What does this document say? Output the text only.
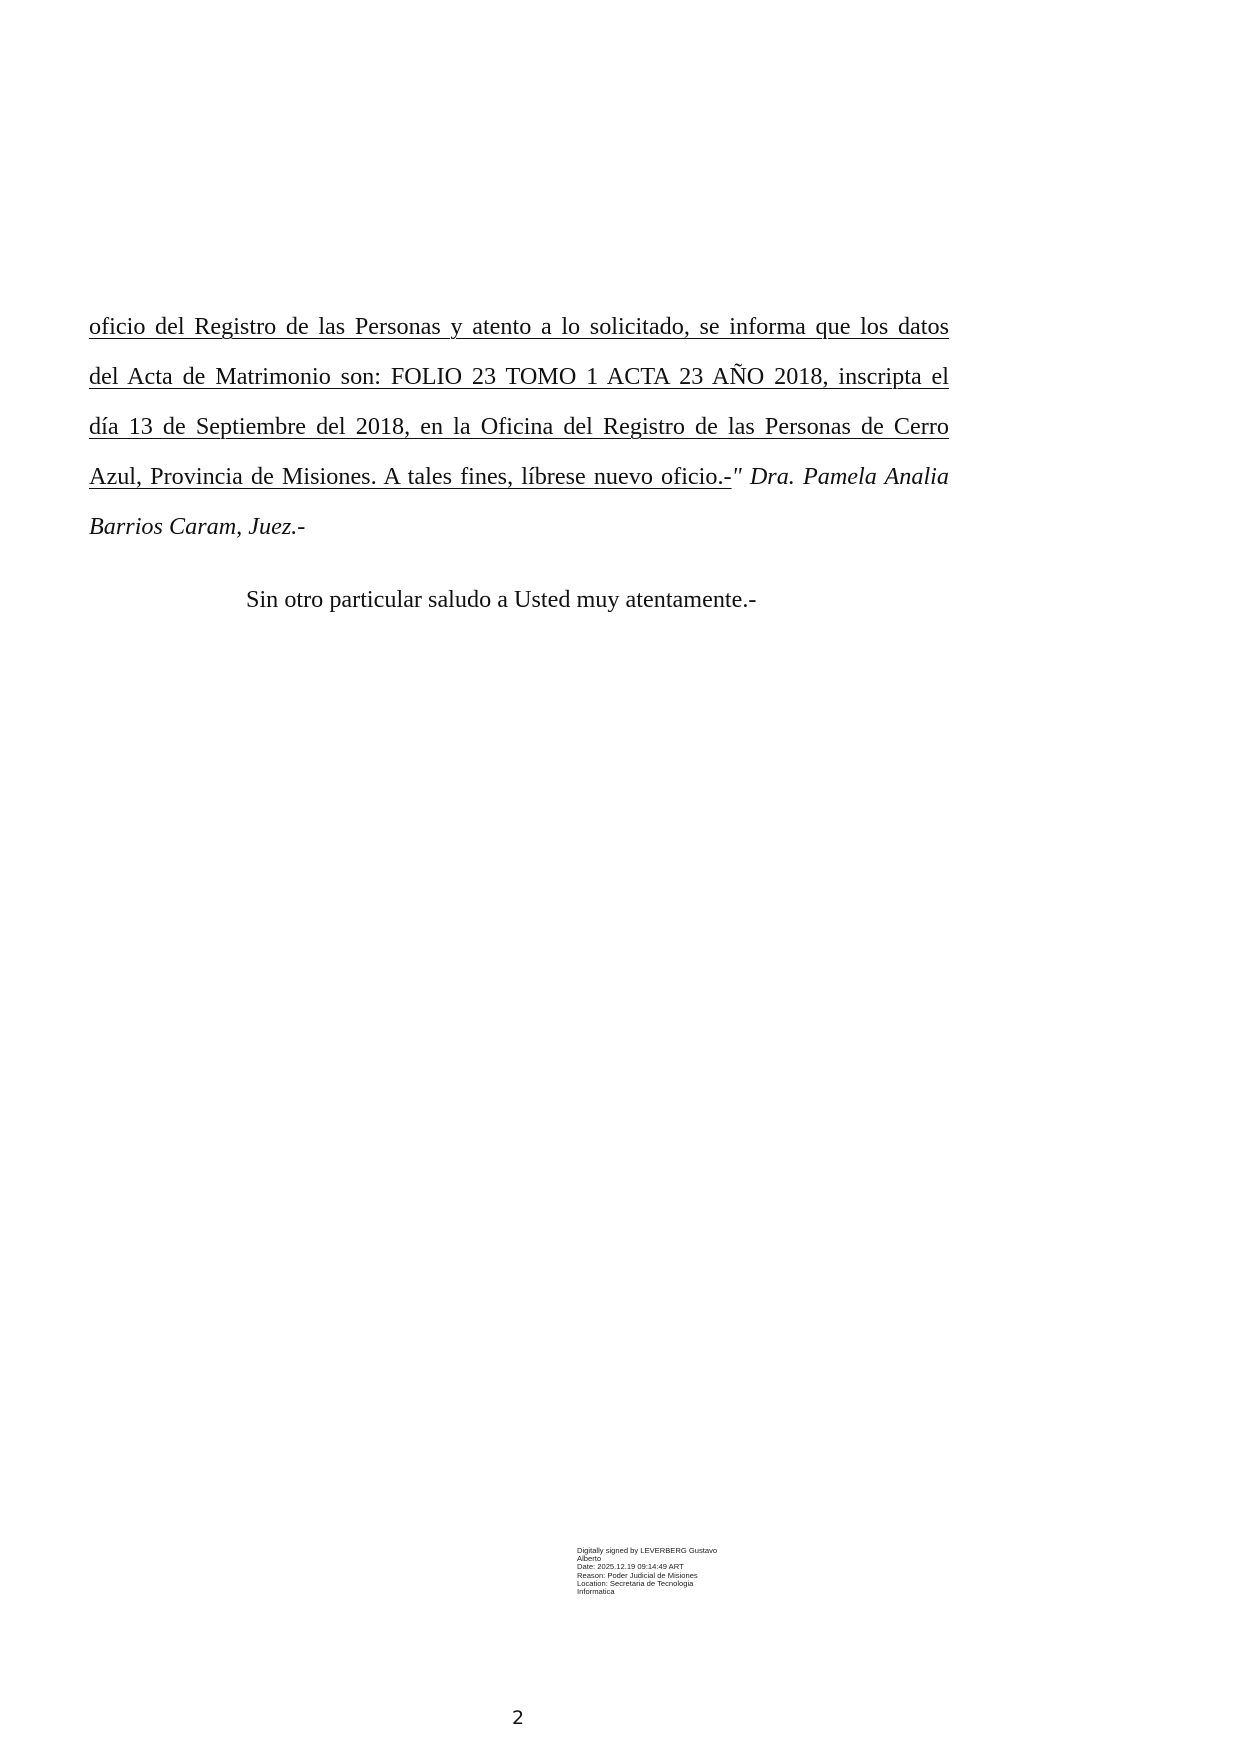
oficio del Registro de las Personas y atento a lo solicitado, se informa que los datos
del Acta de Matrimonio son: FOLIO 23 TOMO 1 ACTA 23 AÑO 2018, inscripta el
día 13 de Septiembre del 2018, en la Oficina del Registro de las Personas de Cerro
Azul, Provincia de Misiones. A tales fines, líbrese nuevo oficio.-" Dra. Pamela Analia
Barrios Caram, Juez.-
Sin otro particular saludo a Usted muy atentamente.-
Digitally signed by LEVERBERG Gustavo
Alberto
Date: 2025.12.19 09:14:49 ART
Reason: Poder Judicial de Misiones
Location: Secretaria de Tecnologia
Informatica
2
